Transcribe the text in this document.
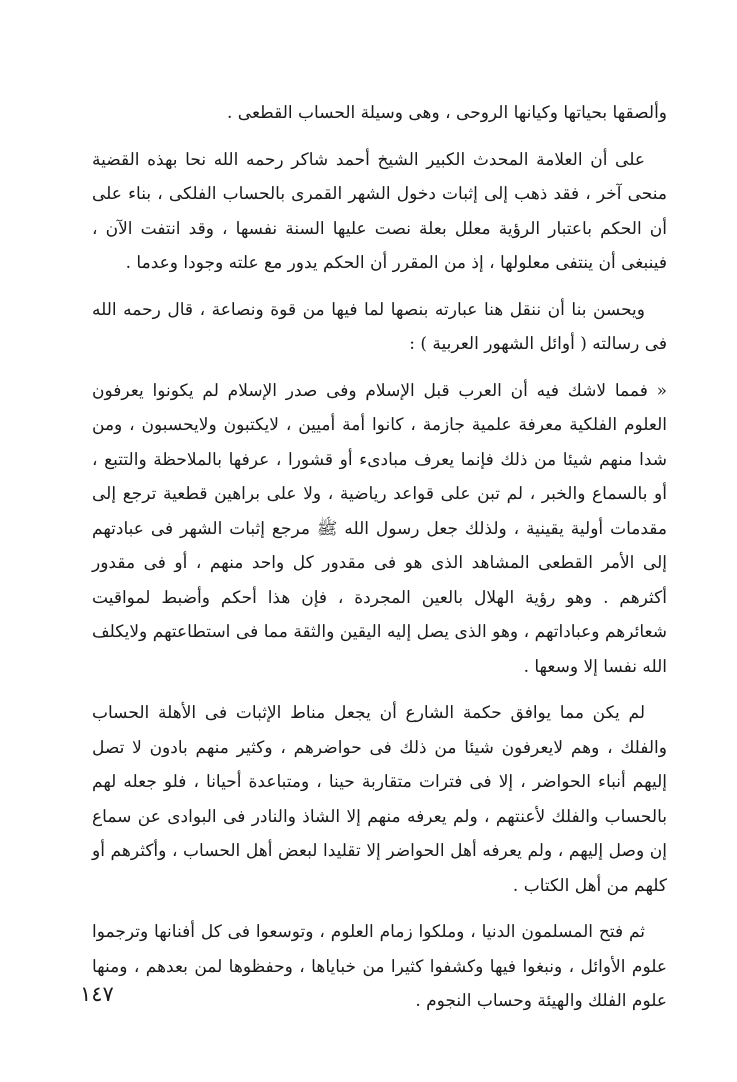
وألصقها بحياتها وكيانها الروحى ، وهى وسيلة الحساب القطعى .

على أن العلامة المحدث الكبير الشيخ أحمد شاكر رحمه الله نحا بهذه القضية منحى آخر ، فقد ذهب إلى إثبات دخول الشهر القمرى بالحساب الفلكى ، بناء على أن الحكم باعتبار الرؤية معلل بعلة نصت عليها السنة نفسها ، وقد انتفت الآن ، فينبغى أن ينتفى معلولها ، إذ من المقرر أن الحكم يدور مع علته وجودا وعدما .

ويحسن بنا أن ننقل هنا عبارته بنصها لما فيها من قوة ونصاعة ، قال رحمه الله فى رسالته ( أوائل الشهور العربية ) :

« فمما لاشك فيه أن العرب قبل الإسلام وفى صدر الإسلام لم يكونوا يعرفون العلوم الفلكية معرفة علمية جازمة ، كانوا أمة أميين ، لايكتبون ولايحسبون ، ومن شدا منهم شيئا من ذلك فإنما يعرف مبادىء أو قشورا ، عرفها بالملاحظة والتتبع ، أو بالسماع والخبر ، لم تبن على قواعد رياضية ، ولا على براهين قطعية ترجع إلى مقدمات أولية يقينية ، ولذلك جعل رسول الله ﷺ مرجع إثبات الشهر فى عبادتهم إلى الأمر القطعى المشاهد الذى هو فى مقدور كل واحد منهم ، أو فى مقدور أكثرهم . وهو رؤية الهلال بالعين المجردة ، فإن هذا أحكم وأضبط لمواقيت شعائرهم وعباداتهم ، وهو الذى يصل إليه اليقين والثقة مما فى استطاعتهم ولايكلف الله نفسا إلا وسعها .

لم يكن مما يوافق حكمة الشارع أن يجعل مناط الإثبات فى الأهلة الحساب والفلك ، وهم لايعرفون شيئا من ذلك فى حواضرهم ، وكثير منهم بادون لا تصل إليهم أنباء الحواضر ، إلا فى فترات متقاربة حينا ، ومتباعدة أحيانا ، فلو جعله لهم بالحساب والفلك لأعنتهم ، ولم يعرفه منهم إلا الشاذ والنادر فى البوادى عن سماع إن وصل إليهم ، ولم يعرفه أهل الحواضر إلا تقليدا لبعض أهل الحساب ، وأكثرهم أو كلهم من أهل الكتاب .

ثم فتح المسلمون الدنيا ، وملكوا زمام العلوم ، وتوسعوا فى كل أفنانها وترجموا علوم الأوائل ، ونبغوا فيها وكشفوا كثيرا من خباياها ، وحفظوها لمن بعدهم ، ومنها علوم الفلك والهيئة وحساب النجوم .

١٤٧
